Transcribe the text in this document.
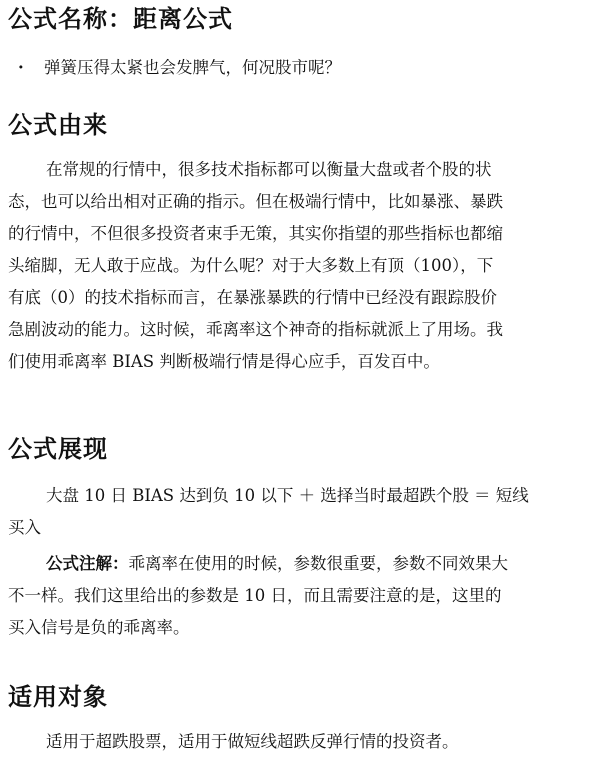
公式名称：距离公式
· 弹簧压得太紧也会发脾气，何况股市呢？
公式由来
在常规的行情中，很多技术指标都可以衡量大盘或者个股的状
态，也可以给出相对正确的指示。但在极端行情中，比如暴涨、暴跌
的行情中，不但很多投资者束手无策，其实你指望的那些指标也都缩
头缩脚，无人敢于应战。为什么呢？对于大多数上有顶（100），下
有底（0）的技术指标而言，在暴涨暴跌的行情中已经没有跟踪股价
急剧波动的能力。这时候，乖离率这个神奇的指标就派上了用场。我
们使用乖离率 BIAS 判断极端行情是得心应手，百发百中。
公式展现
大盘 10 日 BIAS 达到负 10 以下 ＋ 选择当时最超跌个股 ＝ 短线
买入
公式注解：乖离率在使用的时候，参数很重要，参数不同效果大
不一样。我们这里给出的参数是 10 日，而且需要注意的是，这里的
买入信号是负的乖离率。
适用对象
适用于超跌股票，适用于做短线超跌反弹行情的投资者。
